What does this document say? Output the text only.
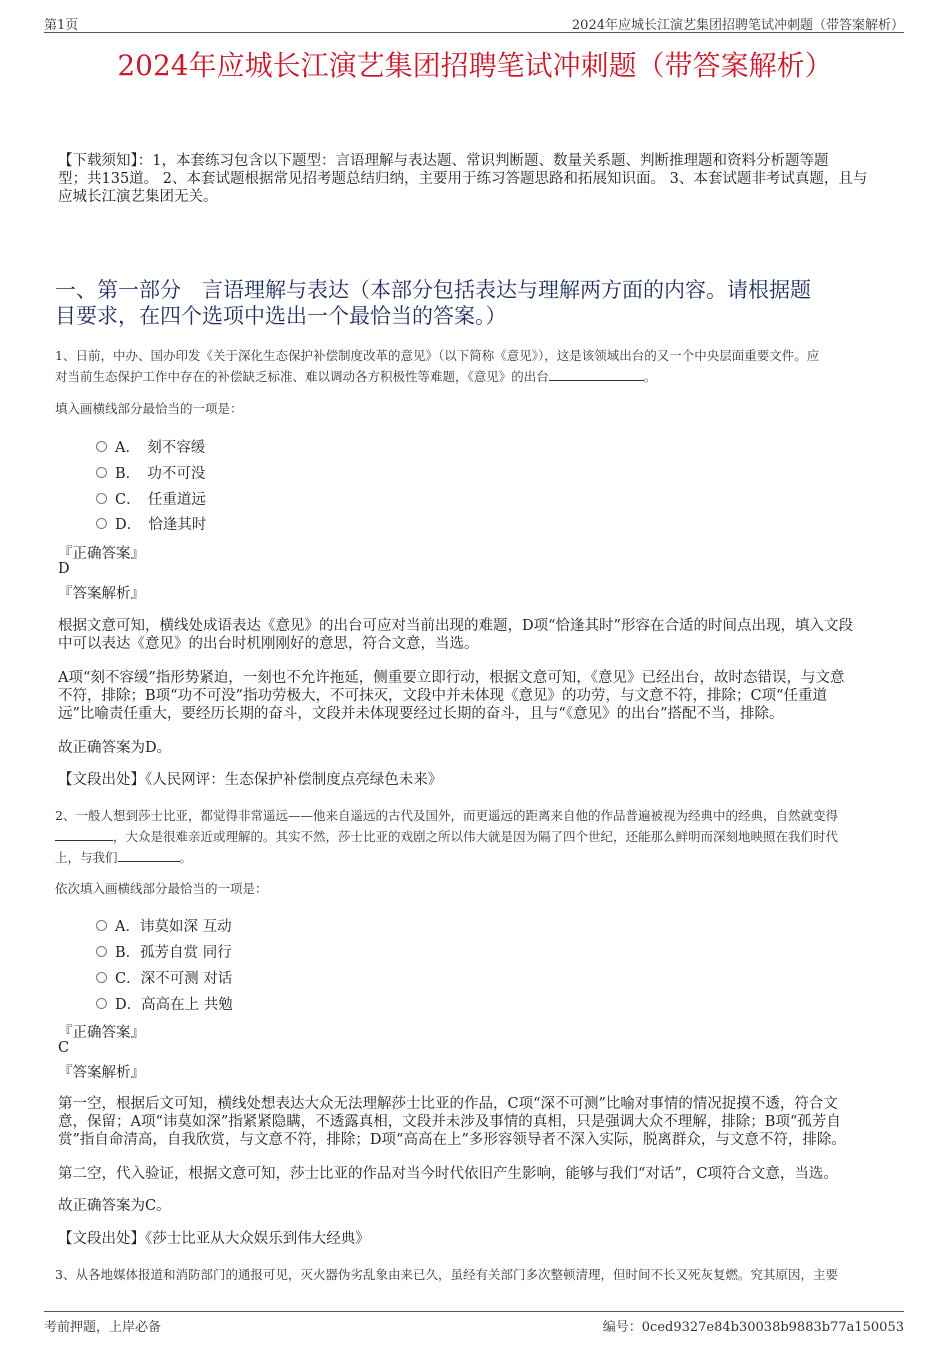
第1页	2024年应城长江演艺集团招聘笔试冲刺题（带答案解析）
2024年应城长江演艺集团招聘笔试冲刺题（带答案解析）
【下载须知】：1，本套练习包含以下题型：言语理解与表达题、常识判断题、数量关系题、判断推理题和资料分析题等题
型；共135道。 2、本套试题根据常见招考题总结归纳，主要用于练习答题思路和拓展知识面。 3、本套试题非考试真题，且与
应城长江演艺集团无关。
一、第一部分　言语理解与表达（本部分包括表达与理解两方面的内容。请根据题
目要求，在四个选项中选出一个最恰当的答案。）
1、日前，中办、国办印发《关于深化生态保护补偿制度改革的意见》（以下简称《意见》），这是该领域出台的又一个中央层面重要文件。应
对当前生态保护工作中存在的补偿缺乏标准、难以调动各方积极性等难题，《意见》的出台	。
填入画横线部分最恰当的一项是：
A．　刻不容缓
B．　功不可没
C．　任重道远
D．　恰逢其时
『正确答案』
D
『答案解析』
根据文意可知，横线处成语表达《意见》的出台可应对当前出现的难题，D项“恰逢其时”形容在合适的时间点出现，填入文段
中可以表达《意见》的出台时机刚刚好的意思，符合文意，当选。
A项“刻不容缓”指形势紧迫，一刻也不允许拖延，侧重要立即行动，根据文意可知，《意见》已经出台，故时态错误，与文意
不符，排除；B项“功不可没”指功劳极大，不可抹灭，文段中并未体现《意见》的功劳，与文意不符，排除；C项“任重道
远”比喻责任重大，要经历长期的奋斗，文段并未体现要经过长期的奋斗，且与“《意见》的出台”搭配不当，排除。
故正确答案为D。
【文段出处】《人民网评：生态保护补偿制度点亮绿色未来》
2、一般人想到莎士比亚，都觉得非常遥远——他来自遥远的古代及国外，而更遥远的距离来自他的作品普遍被视为经典中的经典，自然就变得
，大众是很难亲近或理解的。其实不然，莎士比亚的戏剧之所以伟大就是因为隔了四个世纪，还能那么鲜明而深刻地映照在我们时代
上，与我们	。
依次填入画横线部分最恰当的一项是：
A．讳莫如深 互动
B．孤芳自赏 同行
C．深不可测 对话
D．高高在上 共勉
『正确答案』
C
『答案解析』
第一空，根据后文可知，横线处想表达大众无法理解莎士比亚的作品，C项“深不可测”比喻对事情的情况捉摸不透，符合文
意，保留；A项“讳莫如深”指紧紧隐瞒，不透露真相，文段并未涉及事情的真相，只是强调大众不理解，排除；B项“孤芳自
赏”指自命清高，自我欣赏，与文意不符，排除；D项“高高在上”多形容领导者不深入实际，脱离群众，与文意不符，排除。
第二空，代入验证，根据文意可知，莎士比亚的作品对当今时代依旧产生影响，能够与我们“对话”，C项符合文意，当选。
故正确答案为C。
【文段出处】《莎士比亚从大众娱乐到伟大经典》
3、从各地媒体报道和消防部门的通报可见，灭火器伪劣乱象由来已久，虽经有关部门多次整顿清理，但时间不长又死灰复燃。究其原因，主要
考前押题，上岸必备	编号：0ced9327e84b30038b9883b77a150053
